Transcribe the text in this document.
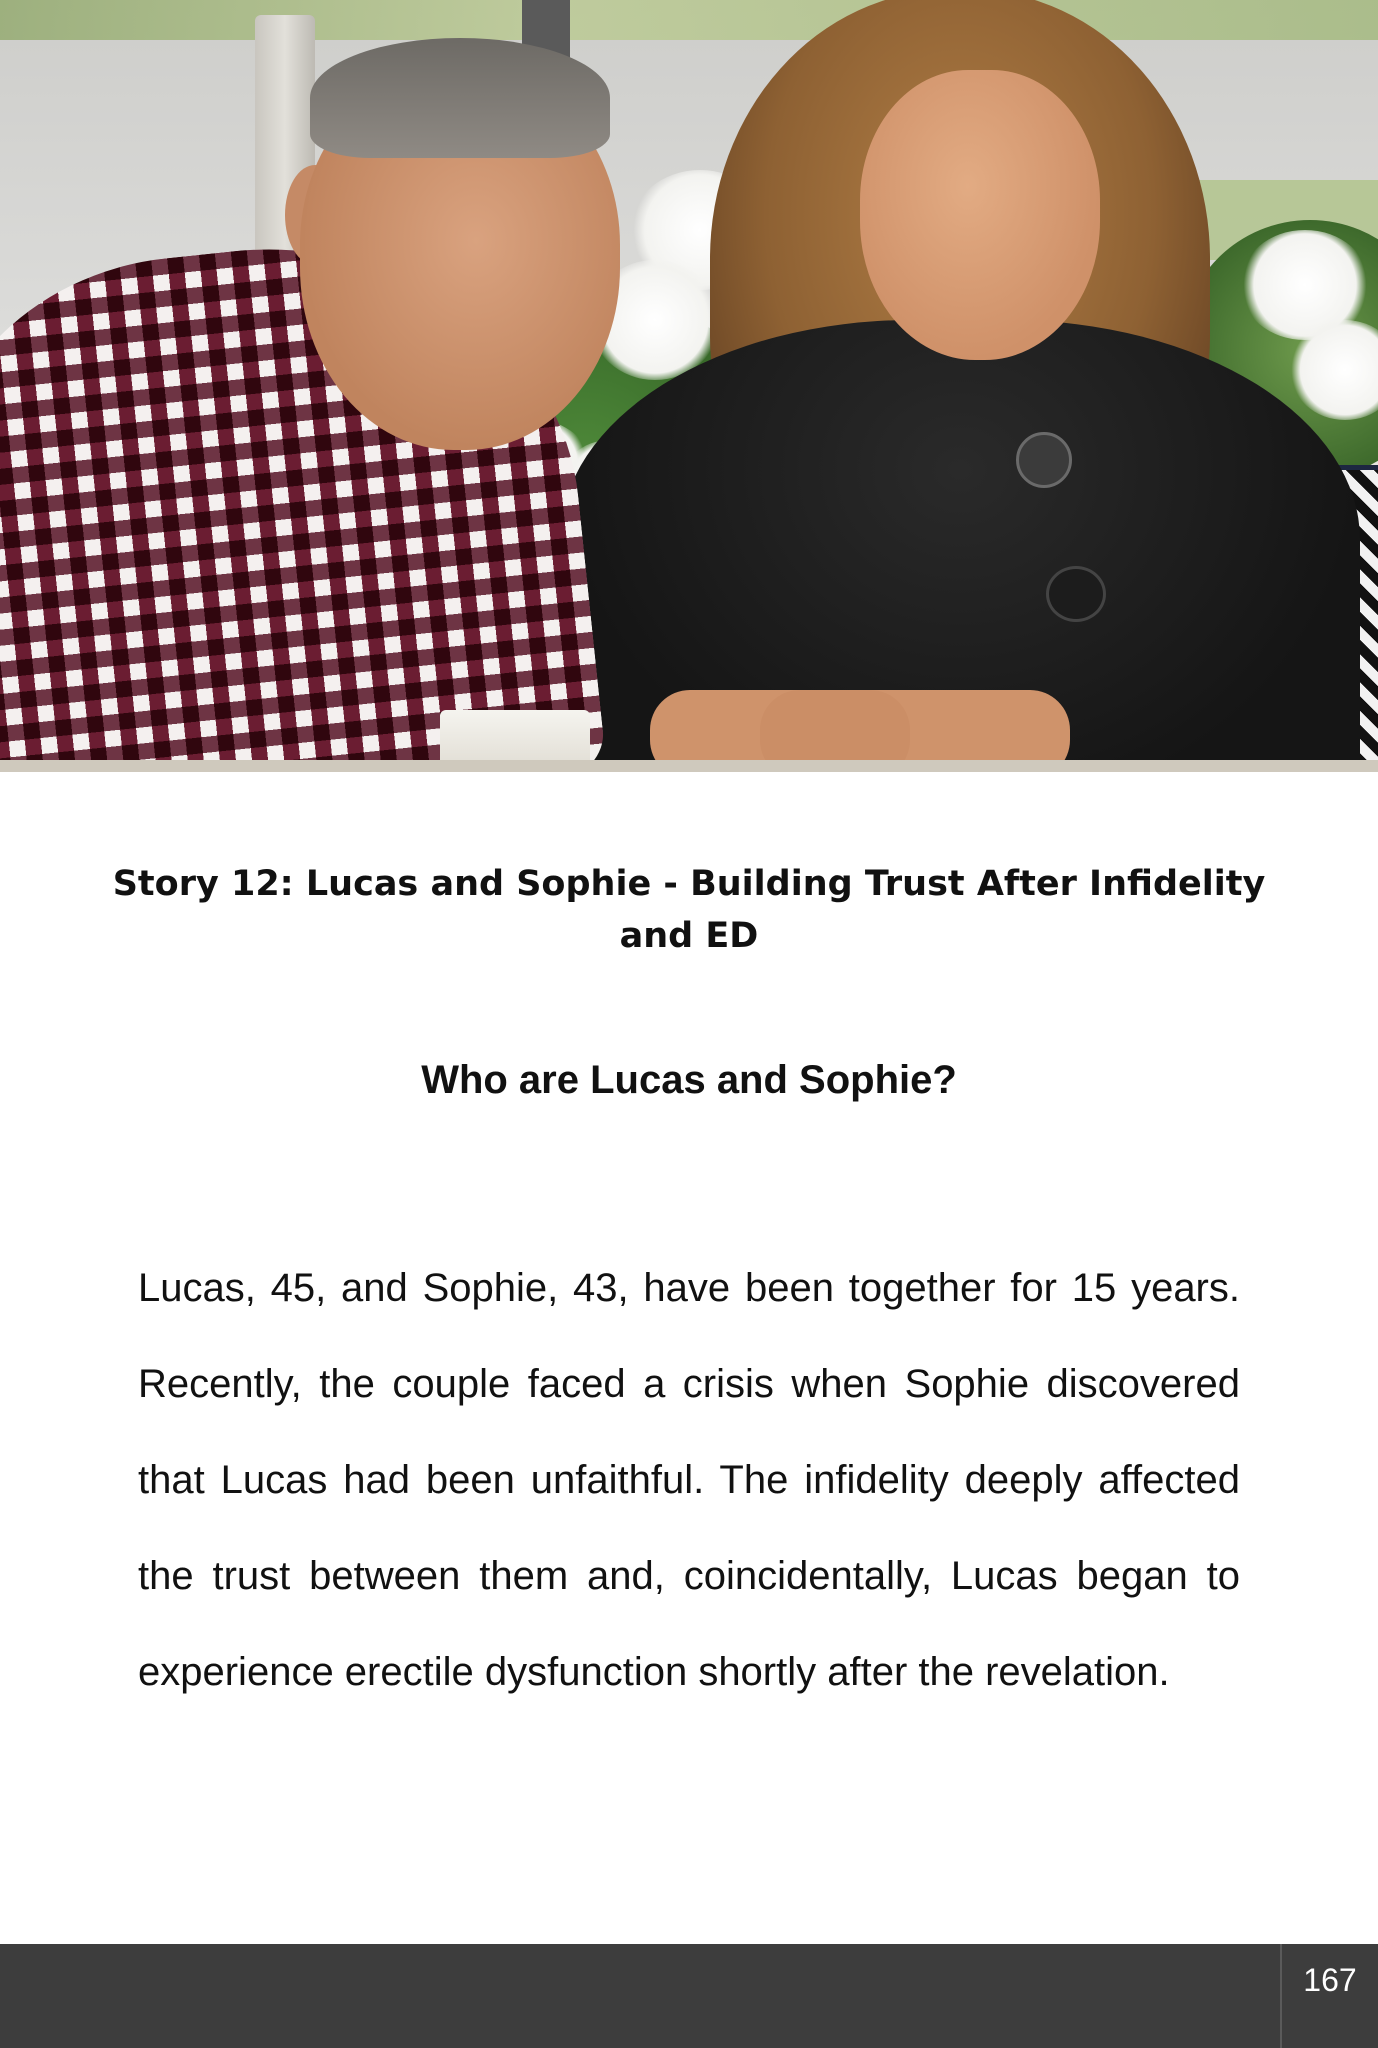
Story 12: Lucas and Sophie - Building Trust After Infidelity and ED
Who are Lucas and Sophie?

Lucas, 45, and Sophie, 43, have been together for 15 years. Recently, the couple faced a crisis when Sophie discovered that Lucas had been unfaithful. The infidelity deeply affected the trust between them and, coincidentally, Lucas began to experience erectile dysfunction shortly after the revelation.

167
